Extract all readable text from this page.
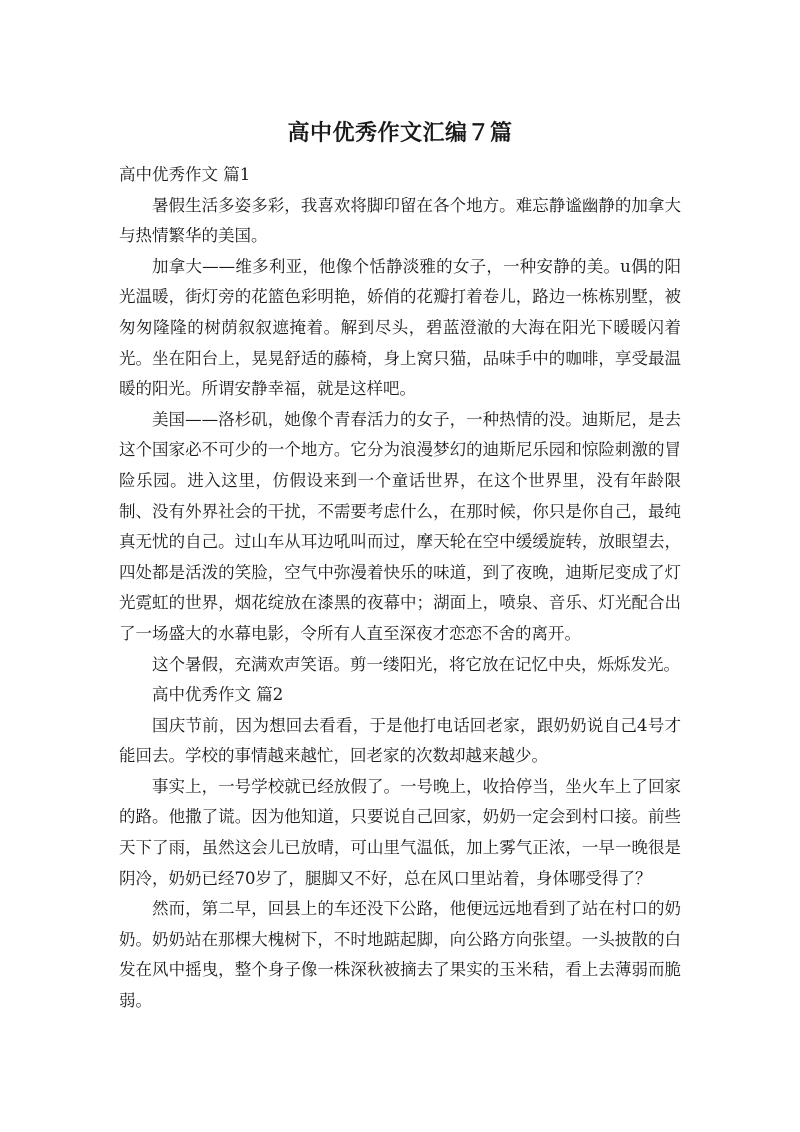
高中优秀作文汇编７篇

高中优秀作文 篇1

暑假生活多姿多彩，我喜欢将脚印留在各个地方。难忘静谧幽静的加拿大与热情繁华的美国。

加拿大——维多利亚，他像个恬静淡雅的女子，一种安静的美。u偶的阳光温暖，街灯旁的花篮色彩明艳，娇俏的花瓣打着卷儿，路边一栋栋别墅，被匆匆隆隆的树荫叙叙遮掩着。解到尽头，碧蓝澄澈的大海在阳光下暖暖闪着光。坐在阳台上，晃晃舒适的藤椅，身上窝只猫，品味手中的咖啡，享受最温暖的阳光。所谓安静幸福，就是这样吧。

美国——洛杉矶，她像个青春活力的女子，一种热情的没。迪斯尼，是去这个国家必不可少的一个地方。它分为浪漫梦幻的迪斯尼乐园和惊险刺激的冒险乐园。进入这里，仿假设来到一个童话世界，在这个世界里，没有年龄限制、没有外界社会的干扰，不需要考虑什么，在那时候，你只是你自己，最纯真无忧的自己。过山车从耳边吼叫而过，摩天轮在空中缓缓旋转，放眼望去，四处都是活泼的笑脸，空气中弥漫着快乐的味道，到了夜晚，迪斯尼变成了灯光霓虹的世界，烟花绽放在漆黑的夜幕中；湖面上，喷泉、音乐、灯光配合出了一场盛大的水幕电影，令所有人直至深夜才恋恋不舍的离开。

这个暑假，充满欢声笑语。剪一缕阳光，将它放在记忆中央，烁烁发光。

高中优秀作文 篇2

国庆节前，因为想回去看看，于是他打电话回老家，跟奶奶说自己4号才能回去。学校的事情越来越忙，回老家的次数却越来越少。

事实上，一号学校就已经放假了。一号晚上，收拾停当，坐火车上了回家的路。他撒了谎。因为他知道，只要说自己回家，奶奶一定会到村口接。前些天下了雨，虽然这会儿已放晴，可山里气温低，加上雾气正浓，一早一晚很是阴冷，奶奶已经70岁了，腿脚又不好，总在风口里站着，身体哪受得了？

然而，第二早，回县上的车还没下公路，他便远远地看到了站在村口的奶奶。奶奶站在那棵大槐树下，不时地踮起脚，向公路方向张望。一头披散的白发在风中摇曳，整个身子像一株深秋被摘去了果实的玉米秸，看上去薄弱而脆弱。
